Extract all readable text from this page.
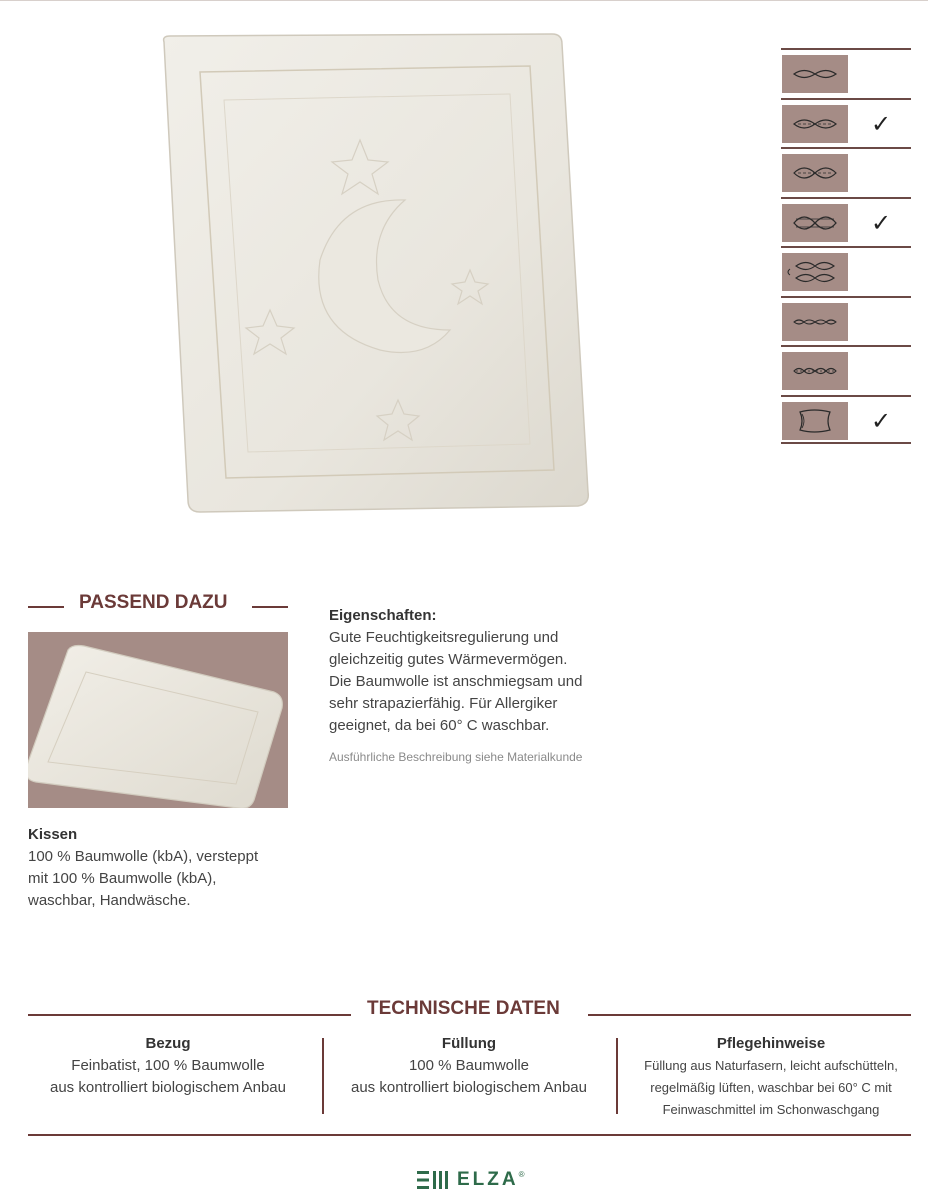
✓
✓
✓
PASSEND DAZU
Kissen
100 % Baumwolle (kbA), versteppt
mit 100 % Baumwolle (kbA),
waschbar, Handwäsche.
Eigenschaften:
Gute Feuchtigkeitsregulierung und
gleichzeitig gutes Wärmevermögen.
Die Baumwolle ist anschmiegsam und
sehr strapazierfähig. Für Allergiker
geeignet, da bei 60° C waschbar.
Ausführliche Beschreibung siehe Materialkunde
TECHNISCHE DATEN
Bezug
Feinbatist, 100 % Baumwolle
aus kontrolliert biologischem Anbau
Füllung
100 % Baumwolle
aus kontrolliert biologischem Anbau
Pflegehinweise
Füllung aus Naturfasern, leicht aufschütteln,
regelmäßig lüften, waschbar bei 60° C mit
Feinwaschmittel im Schonwaschgang
ELZA ®
